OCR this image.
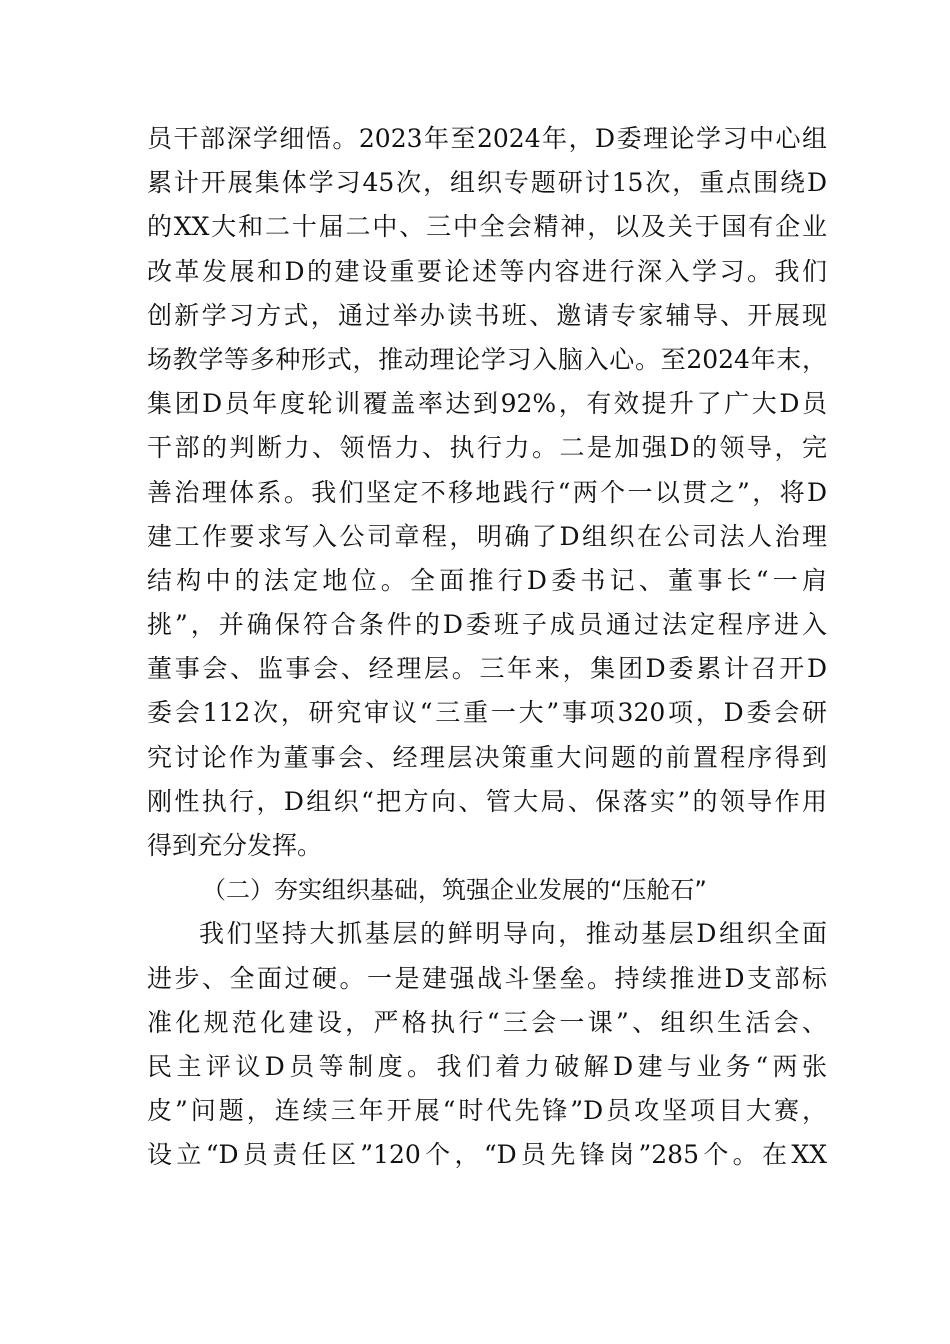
员干部深学细悟。2023年至2024年，D委理论学习中心组
累计开展集体学习45次，组织专题研讨15次，重点围绕D
的XX大和二十届二中、三中全会精神，以及关于国有企业
改革发展和D的建设重要论述等内容进行深入学习。我们
创新学习方式，通过举办读书班、邀请专家辅导、开展现
场教学等多种形式，推动理论学习入脑入心。至2024年末，
集团D员年度轮训覆盖率达到92%，有效提升了广大D员
干部的判断力、领悟力、执行力。二是加强D的领导，完
善治理体系。我们坚定不移地践行“两个一以贯之”，将D
建工作要求写入公司章程，明确了D组织在公司法人治理
结构中的法定地位。全面推行D委书记、董事长“一肩
挑”，并确保符合条件的D委班子成员通过法定程序进入
董事会、监事会、经理层。三年来，集团D委累计召开D
委会112次，研究审议“三重一大”事项320项，D委会研
究讨论作为董事会、经理层决策重大问题的前置程序得到
刚性执行，D组织“把方向、管大局、保落实”的领导作用
得到充分发挥。
（二）夯实组织基础，筑强企业发展的“压舱石”
我们坚持大抓基层的鲜明导向，推动基层D组织全面
进步、全面过硬。一是建强战斗堡垒。持续推进D支部标
准化规范化建设，严格执行“三会一课”、组织生活会、
民主评议D员等制度。我们着力破解D建与业务“两张
皮”问题，连续三年开展“时代先锋”D员攻坚项目大赛，
设立“D员责任区”120个，“D员先锋岗”285个。在XX
